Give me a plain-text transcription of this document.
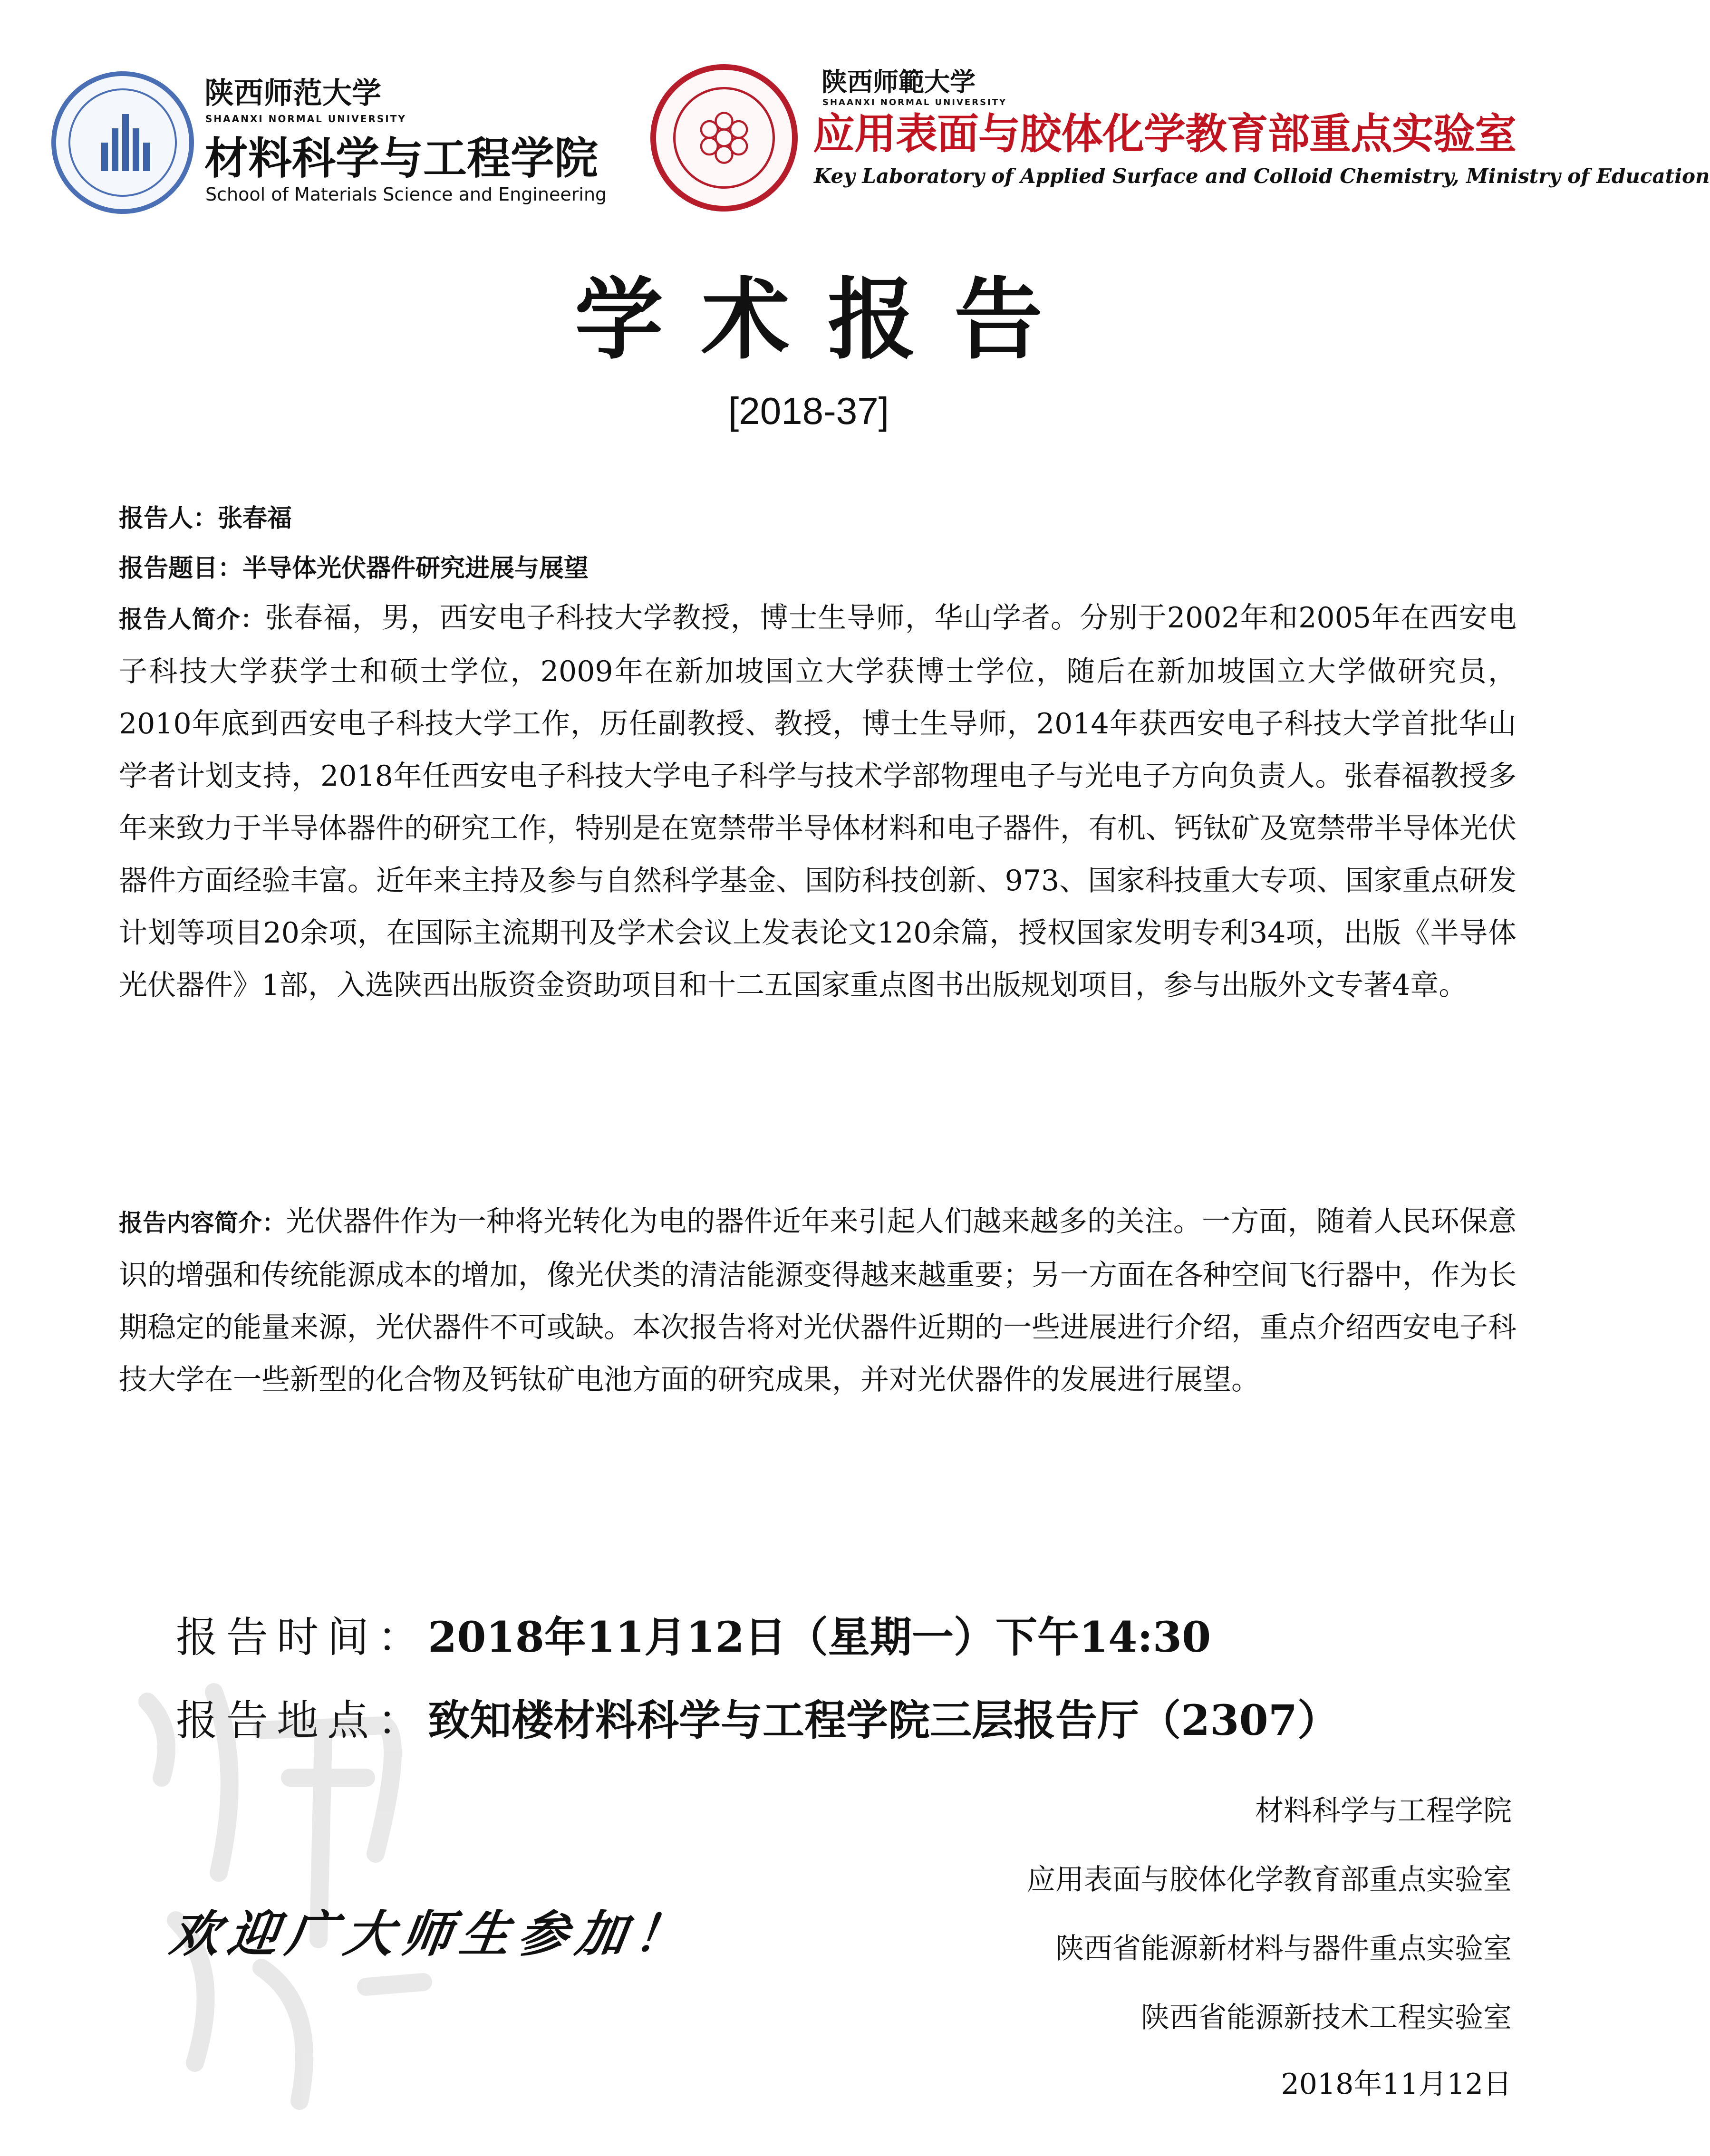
陕西师范大学
SHAANXI NORMAL UNIVERSITY
材料科学与工程学院
School of Materials Science and Engineering
陕西师範大学
SHAANXI NORMAL UNIVERSITY
应用表面与胶体化学教育部重点实验室
Key Laboratory of Applied Surface and Colloid Chemistry, Ministry of Education
学术报告
[2018-37]
报告人：张春福
报告题目：半导体光伏器件研究进展与展望
报告人简介：张春福，男，西安电子科技大学教授，博士生导师，华山学者。分别于2002年和2005年在西安电子科技大学获学士和硕士学位，2009年在新加坡国立大学获博士学位，随后在新加坡国立大学做研究员，2010年底到西安电子科技大学工作，历任副教授、教授，博士生导师，2014年获西安电子科技大学首批华山学者计划支持，2018年任西安电子科技大学电子科学与技术学部物理电子与光电子方向负责人。张春福教授多年来致力于半导体器件的研究工作，特别是在宽禁带半导体材料和电子器件，有机、钙钛矿及宽禁带半导体光伏器件方面经验丰富。近年来主持及参与自然科学基金、国防科技创新、973、国家科技重大专项、国家重点研发计划等项目20余项，在国际主流期刊及学术会议上发表论文120余篇，授权国家发明专利34项，出版《半导体光伏器件》1部，入选陕西出版资金资助项目和十二五国家重点图书出版规划项目，参与出版外文专著4章。
报告内容简介：光伏器件作为一种将光转化为电的器件近年来引起人们越来越多的关注。一方面，随着人民环保意识的增强和传统能源成本的增加，像光伏类的清洁能源变得越来越重要；另一方面在各种空间飞行器中，作为长期稳定的能量来源，光伏器件不可或缺。本次报告将对光伏器件近期的一些进展进行介绍，重点介绍西安电子科技大学在一些新型的化合物及钙钛矿电池方面的研究成果，并对光伏器件的发展进行展望。
报告时间：2018年11月12日（星期一）下午14:30
报告地点：致知楼材料科学与工程学院三层报告厅（2307）
欢迎广大师生参加！
材料科学与工程学院
应用表面与胶体化学教育部重点实验室
陕西省能源新材料与器件重点实验室
陕西省能源新技术工程实验室
2018年11月12日
